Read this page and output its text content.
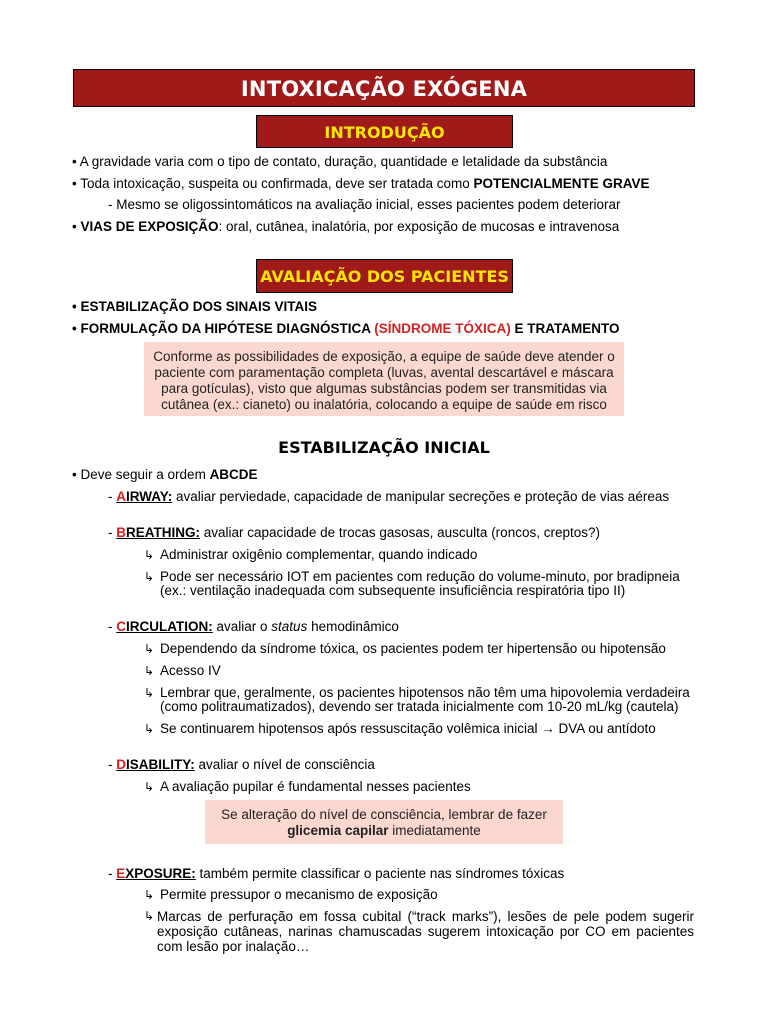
INTOXICAÇÃO EXÓGENA
INTRODUÇÃO
• A gravidade varia com o tipo de contato, duração, quantidade e letalidade da substância
• Toda intoxicação, suspeita ou confirmada, deve ser tratada como POTENCIALMENTE GRAVE
- Mesmo se oligossintomáticos na avaliação inicial, esses pacientes podem deteriorar
• VIAS DE EXPOSIÇÃO: oral, cutânea, inalatória, por exposição de mucosas e intravenosa
AVALIAÇÃO DOS PACIENTES
• ESTABILIZAÇÃO DOS SINAIS VITAIS
• FORMULAÇÃO DA HIPÓTESE DIAGNÓSTICA (SÍNDROME TÓXICA) E TRATAMENTO
Conforme as possibilidades de exposição, a equipe de saúde deve atender o paciente com paramentação completa (luvas, avental descartável e máscara para gotículas), visto que algumas substâncias podem ser transmitidas via cutânea (ex.: cianeto) ou inalatória, colocando a equipe de saúde em risco
ESTABILIZAÇÃO INICIAL
• Deve seguir a ordem ABCDE
- AIRWAY: avaliar perviedade, capacidade de manipular secreções e proteção de vias aéreas
- BREATHING: avaliar capacidade de trocas gasosas, ausculta (roncos, creptos?)
↳ Administrar oxigênio complementar, quando indicado
↳ Pode ser necessário IOT em pacientes com redução do volume-minuto, por bradipneia
(ex.: ventilação inadequada com subsequente insuficiência respiratória tipo II)
- CIRCULATION: avaliar o status hemodinâmico
↳ Dependendo da síndrome tóxica, os pacientes podem ter hipertensão ou hipotensão
↳ Acesso IV
↳ Lembrar que, geralmente, os pacientes hipotensos não têm uma hipovolemia verdadeira
(como politraumatizados), devendo ser tratada inicialmente com 10-20 mL/kg (cautela)
↳ Se continuarem hipotensos após ressuscitação volêmica inicial → DVA ou antídoto
- DISABILITY: avaliar o nível de consciência
↳ A avaliação pupilar é fundamental nesses pacientes
Se alteração do nível de consciência, lembrar de fazer
glicemia capilar imediatamente
- EXPOSURE: também permite classificar o paciente nas síndromes tóxicas
↳ Permite pressupor o mecanismo de exposição
↳ Marcas de perfuração em fossa cubital (“track marks”), lesões de pele podem sugerir exposição cutâneas, narinas chamuscadas sugerem intoxicação por CO em pacientes com lesão por inalação…
